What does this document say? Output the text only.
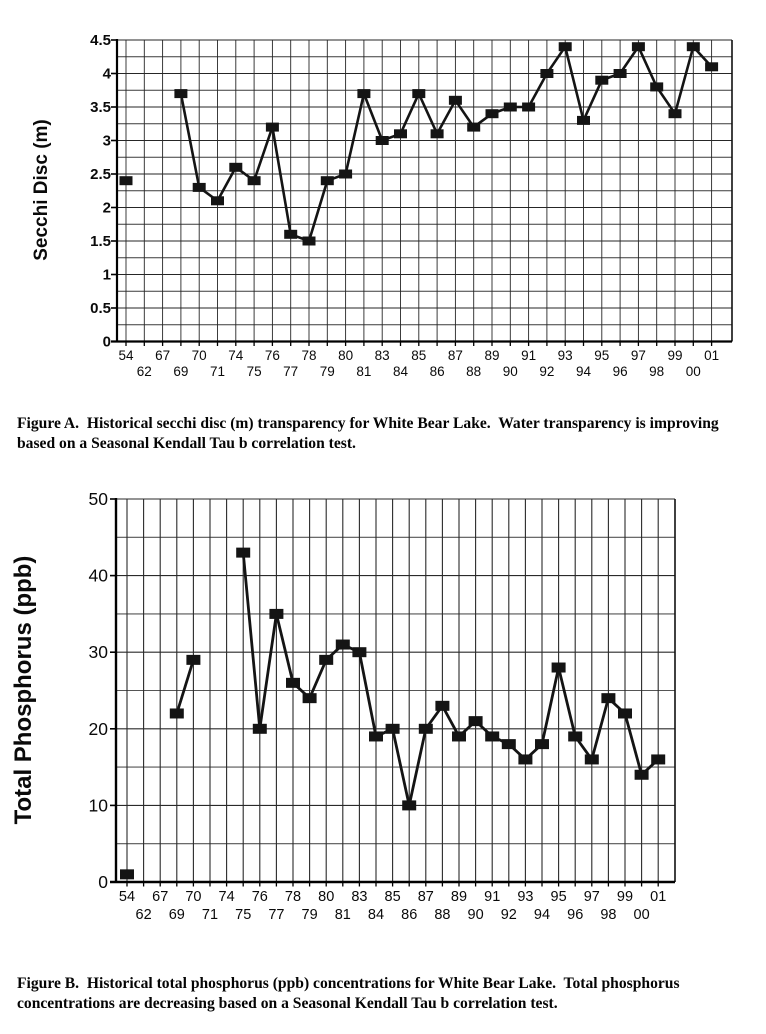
0
0.5
1
1.5
2
2.5
3
3.5
4
4.5
54
62
67
69
70
71
74
75
76
77
78
79
80
81
83
84
85
86
87
88
89
90
91
92
93
94
95
96
97
98
99
00
01
Secchi Disc (m)
Figure A.  Historical secchi disc (m) transparency for White Bear Lake.  Water transparency is improving
based on a Seasonal Kendall Tau b correlation test.
0
10
20
30
40
50
54
62
67
69
70
71
74
75
76
77
78
79
80
81
83
84
85
86
87
88
89
90
91
92
93
94
95
96
97
98
99
00
01
Total Phosphorus (ppb)
Figure B.  Historical total phosphorus (ppb) concentrations for White Bear Lake.  Total phosphorus
concentrations are decreasing based on a Seasonal Kendall Tau b correlation test.
